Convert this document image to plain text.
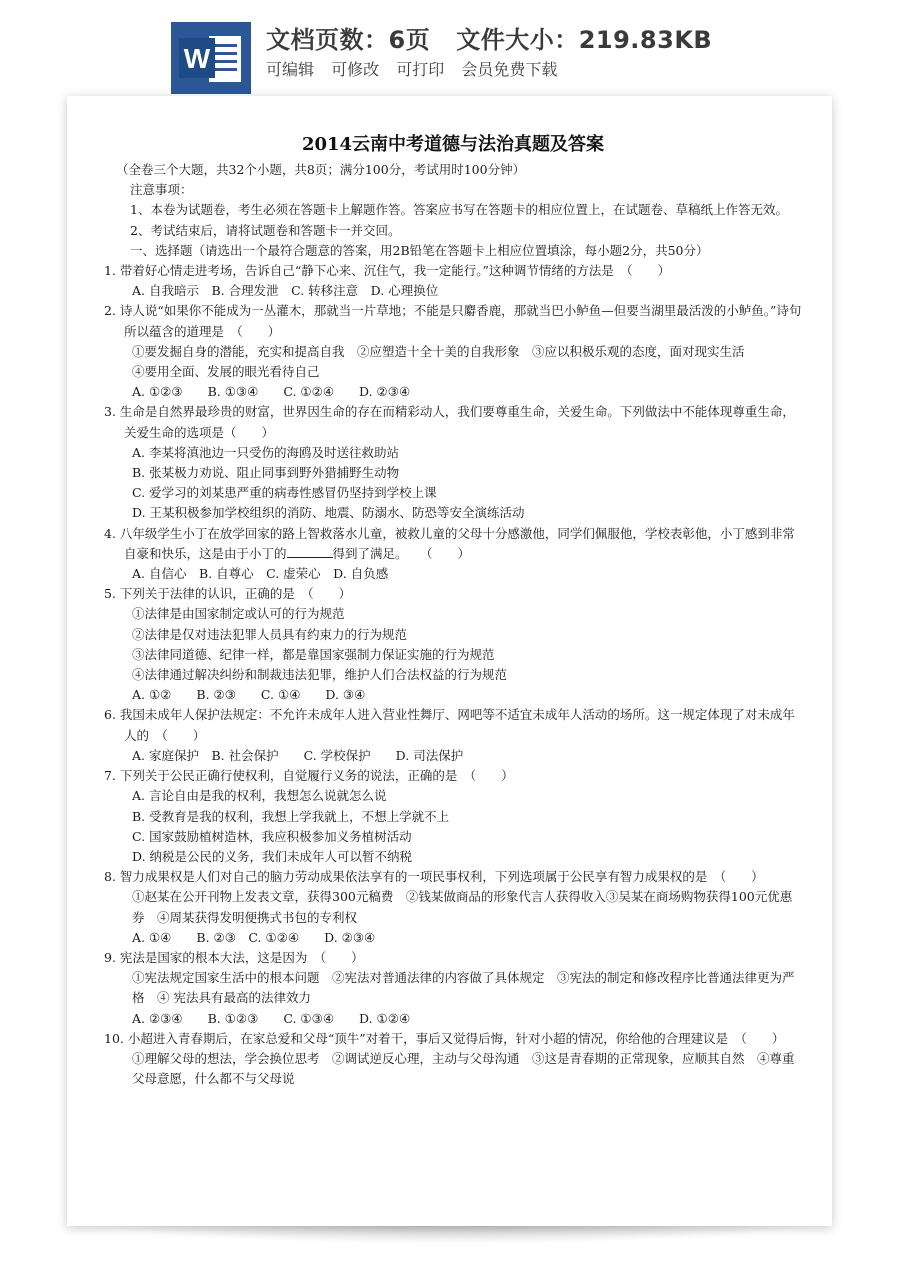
W
文档页数：6页 文件大小：219.83KB
可编辑 可修改 可打印 会员免费下载
2014云南中考道德与法治真题及答案
（全卷三个大题，共32个小题，共8页；满分100分，考试用时100分钟）
注意事项：
1、本卷为试题卷，考生必须在答题卡上解题作答。答案应书写在答题卡的相应位置上，在试题卷、草稿纸上作答无效。
2、考试结束后，请将试题卷和答题卡一并交回。
一、选择题（请选出一个最符合题意的答案，用2B铅笔在答题卡上相应位置填涂，每小题2分，共50分）
1. 带着好心情走进考场，告诉自己“静下心来、沉住气，我一定能行。”这种调节情绪的方法是　（　　）
A. 自我暗示　B. 合理发泄　C. 转移注意　D. 心理换位
2. 诗人说“如果你不能成为一丛灌木，那就当一片草地；不能是只麝香鹿，那就当巴小鲈鱼—但要当湖里最活泼的小鲈鱼。”诗句所以蕴含的道理是　（　　）
①要发掘自身的潜能，充实和提高自我　②应塑造十全十美的自我形象　③应以积极乐观的态度，面对现实生活
④要用全面、发展的眼光看待自己
A. ①②③　　B. ①③④　　C. ①②④　　D. ②③④
3. 生命是自然界最珍贵的财富，世界因生命的存在而精彩动人，我们要尊重生命，关爱生命。下列做法中不能体现尊重生命，关爱生命的选项是（　　）
A. 李某将滇池边一只受伤的海鸥及时送往救助站
B. 张某极力劝说、阻止同事到野外猎捕野生动物
C. 爱学习的刘某患严重的病毒性感冒仍坚持到学校上课
D. 王某积极参加学校组织的消防、地震、防溺水、防恐等安全演练活动
4. 八年级学生小丁在放学回家的路上智救落水儿童，被救儿童的父母十分感激他，同学们佩服他，学校表彰他，小丁感到非常自豪和快乐，这是由于小丁的	得到了满足。　　（　　）
A. 自信心　B. 自尊心　C. 虚荣心　D. 自负感
5. 下列关于法律的认识，正确的是　（　　）
①法律是由国家制定或认可的行为规范
②法律是仅对违法犯罪人员具有约束力的行为规范
③法律同道德、纪律一样，都是靠国家强制力保证实施的行为规范
④法律通过解决纠纷和制裁违法犯罪，维护人们合法权益的行为规范
A. ①②　　B. ②③　　C. ①④　　D. ③④
6. 我国未成年人保护法规定：不允许未成年人进入营业性舞厅、网吧等不适宜未成年人活动的场所。这一规定体现了对未成年人的　（　　）
A. 家庭保护　B. 社会保护　　C. 学校保护　　D. 司法保护
7. 下列关于公民正确行使权利，自觉履行义务的说法，正确的是　（　　）
A. 言论自由是我的权利，我想怎么说就怎么说
B. 受教育是我的权利，我想上学我就上，不想上学就不上
C. 国家鼓励植树造林，我应积极参加义务植树活动
D. 纳税是公民的义务，我们未成年人可以暂不纳税
8. 智力成果权是人们对自己的脑力劳动成果依法享有的一项民事权利，下列选项属于公民享有智力成果权的是　（　　）
①赵某在公开刊物上发表文章，获得300元稿费　②钱某做商品的形象代言人获得收入③吴某在商场购物获得100元优惠券　④周某获得发明便携式书包的专利权
A. ①④　　B. ②③　C. ①②④　　D. ②③④
9. 宪法是国家的根本大法，这是因为　（　　）
①宪法规定国家生活中的根本问题　②宪法对普通法律的内容做了具体规定　③宪法的制定和修改程序比普通法律更为严格　④ 宪法具有最高的法律效力
A. ②③④　　B. ①②③　　C. ①③④　　D. ①②④
10. 小超进入青春期后，在家总爱和父母“顶牛”对着干，事后又觉得后悔，针对小超的情况，你给他的合理建议是　（　　）
①理解父母的想法，学会换位思考　②调试逆反心理，主动与父母沟通　③这是青春期的正常现象，应顺其自然　④尊重父母意愿，什么都不与父母说
